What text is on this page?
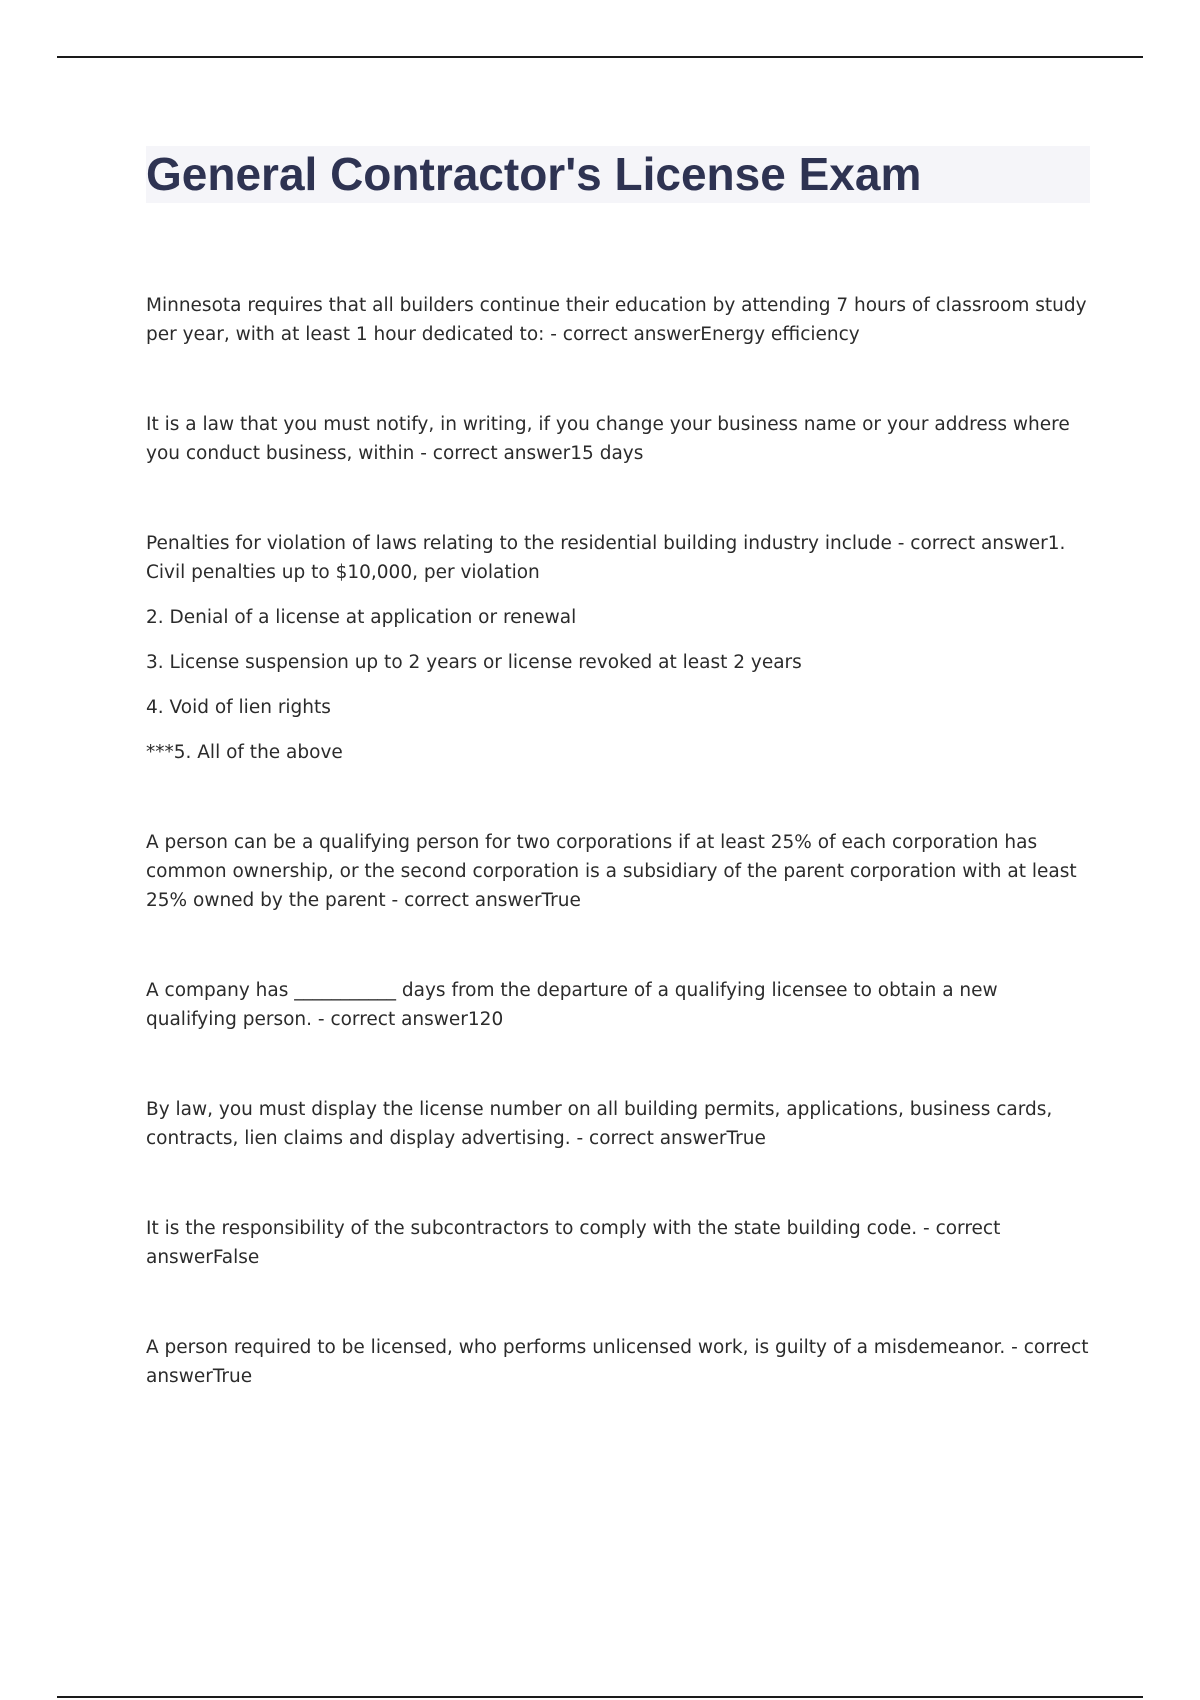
General Contractor's License Exam

Minnesota requires that all builders continue their education by attending 7 hours of classroom study per year, with at least 1 hour dedicated to: - correct answerEnergy efficiency

It is a law that you must notify, in writing, if you change your business name or your address where you conduct business, within - correct answer15 days

Penalties for violation of laws relating to the residential building industry include - correct answer1. Civil penalties up to $10,000, per violation

2. Denial of a license at application or renewal

3. License suspension up to 2 years or license revoked at least 2 years

4. Void of lien rights

***5. All of the above

A person can be a qualifying person for two corporations if at least 25% of each corporation has common ownership, or the second corporation is a subsidiary of the parent corporation with at least 25% owned by the parent - correct answerTrue

A company has ___________ days from the departure of a qualifying licensee to obtain a new qualifying person. - correct answer120

By law, you must display the license number on all building permits, applications, business cards, contracts, lien claims and display advertising. - correct answerTrue

It is the responsibility of the subcontractors to comply with the state building code. - correct answerFalse

A person required to be licensed, who performs unlicensed work, is guilty of a misdemeanor. - correct answerTrue
